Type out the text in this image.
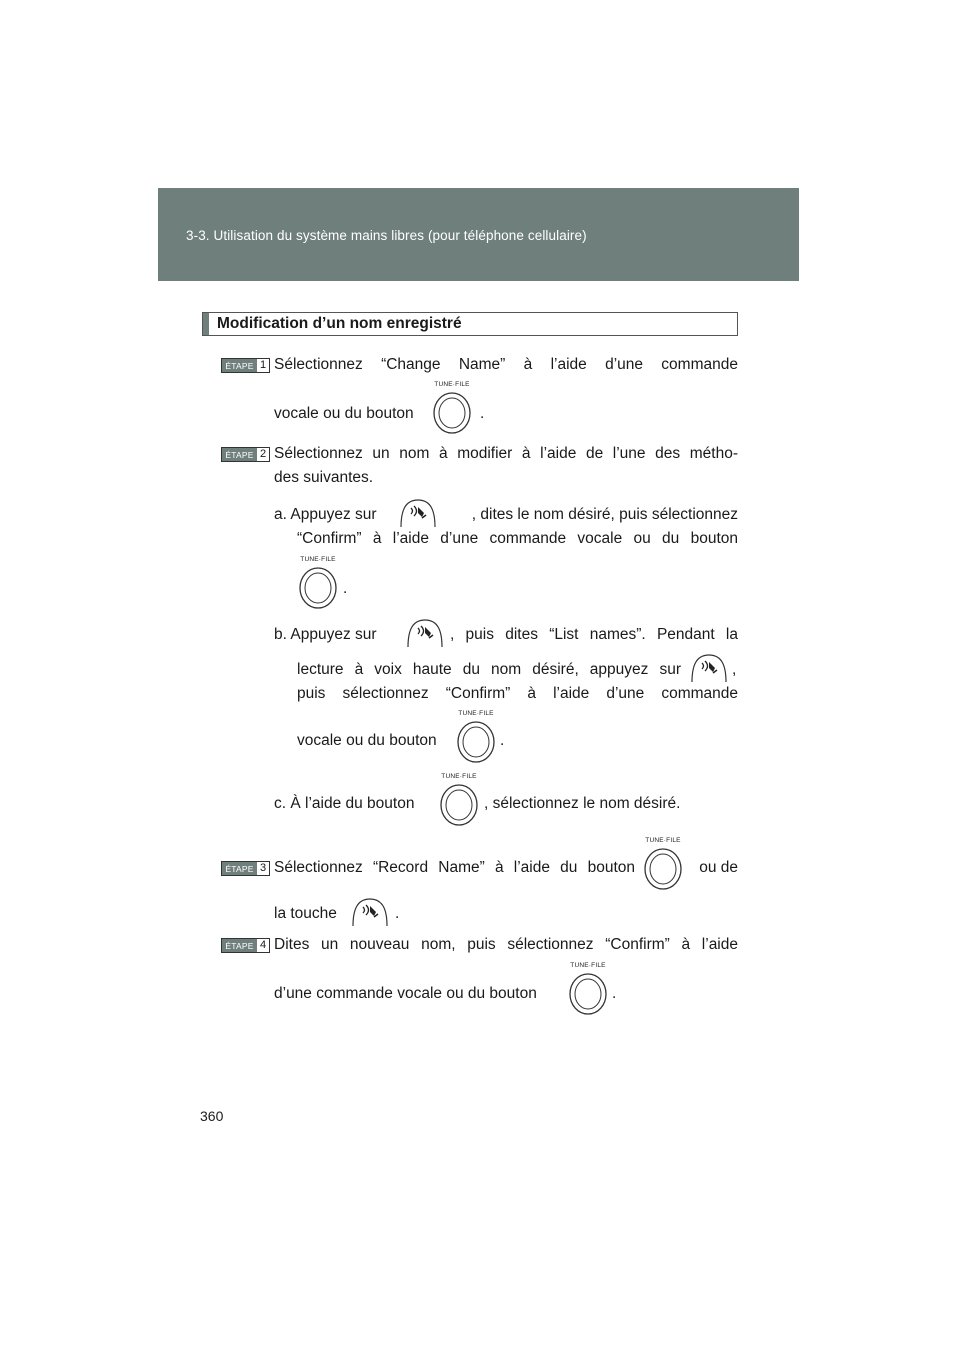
3-3. Utilisation du système mains libres (pour téléphone cellulaire)
Modification d’un nom enregistré
ÉTAPE 1 Sélectionnez “Change Name” à l’aide d’une commande
vocale ou du bouton
TUNE·FILE
.
ÉTAPE 2 Sélectionnez un nom à modifier à l’aide de l’une des métho-
des suivantes.
a. Appuyez sur	, dites le nom désiré, puis sélectionnez
“Confirm” à l’aide d’une commande vocale ou du bouton
TUNE·FILE
.
b. Appuyez sur	, puis dites “List names”. Pendant la
lecture à voix haute du nom désiré, appuyez sur	,
puis sélectionnez “Confirm” à l’aide d’une commande
vocale ou du bouton
TUNE·FILE
.
c. À l’aide du bouton
TUNE·FILE
, sélectionnez le nom désiré.
ÉTAPE 3 Sélectionnez “Record Name” à l’aide du bouton
TUNE·FILE
ou de
la touche	.
ÉTAPE 4 Dites un nouveau nom, puis sélectionnez “Confirm” à l’aide
d’une commande vocale ou du bouton
TUNE·FILE
.
360
